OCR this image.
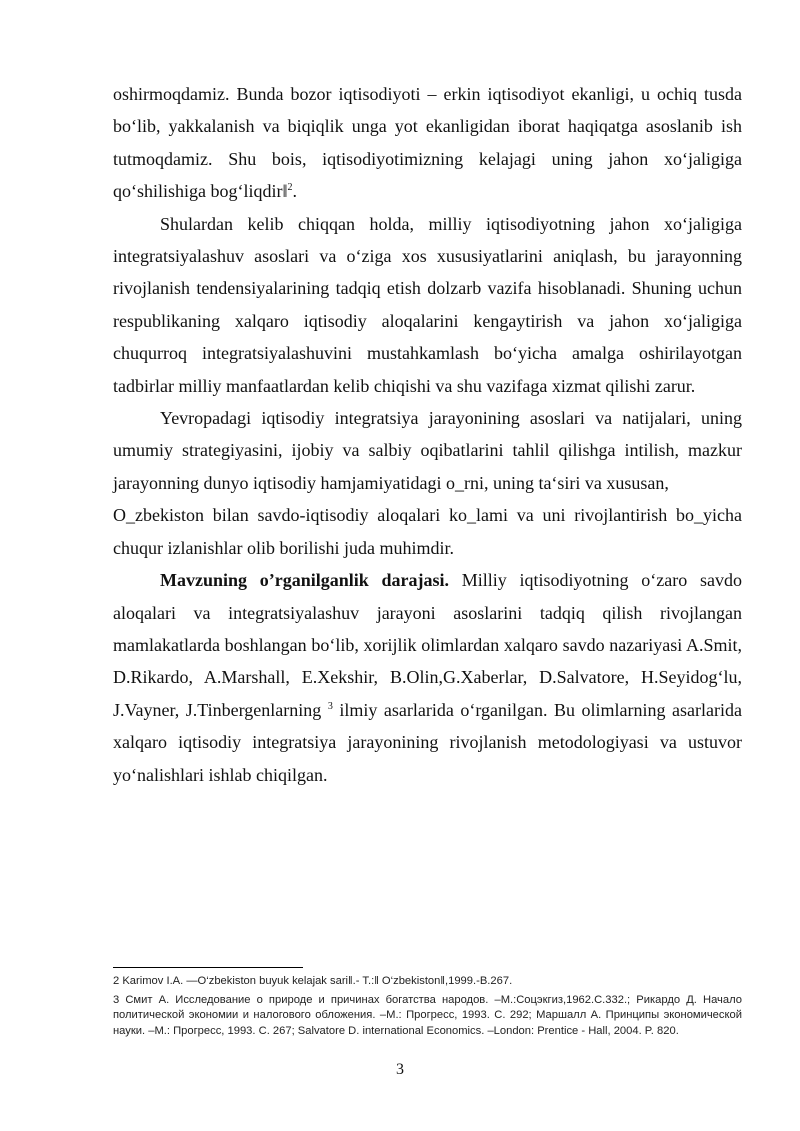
oshirmoqdamiz. Bunda bozor iqtisodiyoti – erkin iqtisodiyot ekanligi, u ochiq tusda bo‘lib, yakkalanish va biqiqlik unga yot ekanligidan iborat haqiqatga asoslanib ish tutmoqdamiz. Shu bois, iqtisodiyotimizning kelajagi uning jahon xo‘jaligiga qo‘shilishiga bog‘liqdir‖$^2$.

Shulardan kelib chiqqan holda, milliy iqtisodiyotning jahon xo‘jaligiga integratsiyalashuv asoslari va o‘ziga xos xususiyatlarini aniqlash, bu jarayonning rivojlanish tendensiyalarining tadqiq etish dolzarb vazifa hisoblanadi. Shuning uchun respublikaning xalqaro iqtisodiy aloqalarini kengaytirish va jahon xo‘jaligiga chuqurroq integratsiyalashuvini mustahkamlash bo‘yicha amalga oshirilayotgan tadbirlar milliy manfaatlardan kelib chiqishi va shu vazifaga xizmat qilishi zarur.

Yevropadagi iqtisodiy integratsiya jarayonining asoslari va natijalari, uning umumiy strategiyasini, ijobiy va salbiy oqibatlarini tahlil qilishga intilish, mazkur jarayonning dunyo iqtisodiy hamjamiyatidagi o_rni, uning ta‘siri va xususan,
O_zbekiston bilan savdo-iqtisodiy aloqalari ko_lami va uni rivojlantirish bo_yicha chuqur izlanishlar olib borilishi juda muhimdir.

Mavzuning o’rganilganlik darajasi. Milliy iqtisodiyotning o‘zaro savdo aloqalari va integratsiyalashuv jarayoni asoslarini tadqiq qilish rivojlangan mamlakatlarda boshlangan bo‘lib, xorijlik olimlardan xalqaro savdo nazariyasi A.Smit, D.Rikardo, A.Marshall, E.Xekshir, B.Olin,G.Xaberlar, D.Salvatore, H.Seyidog‘lu, J.Vayner, J.Tinbergenlarning $^3$ ilmiy asarlarida o‘rganilgan. Bu olimlarning asarlarida xalqaro iqtisodiy integratsiya jarayonining rivojlanish metodologiyasi va ustuvor yo‘nalishlari ishlab chiqilgan.

2 Karimov I.A. ―O‘zbekiston buyuk kelajak sari‖.- T.:‖ O‘zbekiston‖,1999.-B.267.

3 Смит А. Иcследование о природе и причинах богатства народов. –М.:Соцэкгиз,1962.С.332.; Рикардо Д. Начало политической экономии и налогового обложения. –М.: Прогресс, 1993. С. 292; Маршалл А. Принципы экономической науки. –М.: Прогресс, 1993. С. 267; Salvatore D. international Economics. –London: Prentice - Hall, 2004. P. 820.

3
